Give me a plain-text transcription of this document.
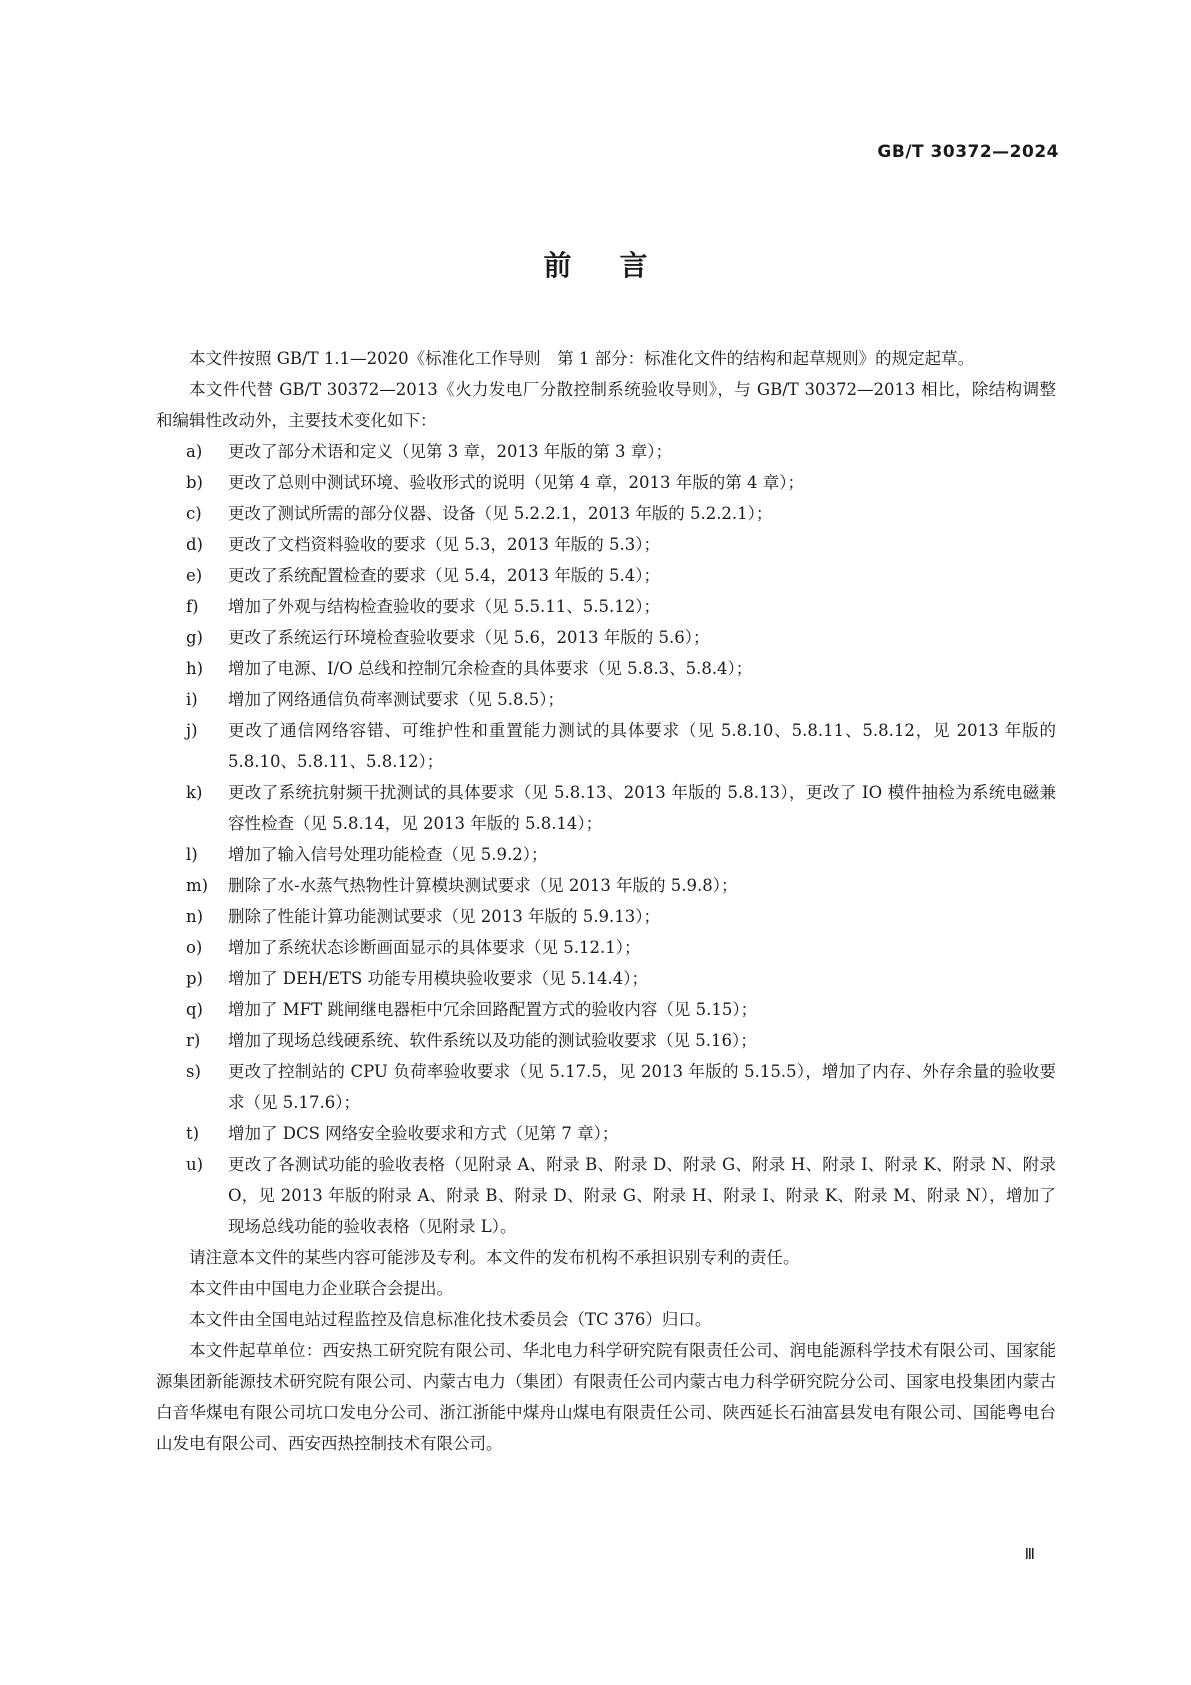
GB/T 30372—2024
前言

本文件按照 GB/T 1.1—2020《标准化工作导则　第 1 部分：标准化文件的结构和起草规则》的规定起草。

本文件代替 GB/T 30372—2013《火力发电厂分散控制系统验收导则》，与 GB/T 30372—2013 相比，除结构调整和编辑性改动外，主要技术变化如下：

a)	更改了部分术语和定义（见第 3 章，2013 年版的第 3 章）；
b)	更改了总则中测试环境、验收形式的说明（见第 4 章，2013 年版的第 4 章）；
c)	更改了测试所需的部分仪器、设备（见 5.2.2.1，2013 年版的 5.2.2.1）；
d)	更改了文档资料验收的要求（见 5.3，2013 年版的 5.3）；
e)	更改了系统配置检查的要求（见 5.4，2013 年版的 5.4）；
f)	增加了外观与结构检查验收的要求（见 5.5.11、5.5.12）；
g)	更改了系统运行环境检查验收要求（见 5.6，2013 年版的 5.6）；
h)	增加了电源、I/O 总线和控制冗余检查的具体要求（见 5.8.3、5.8.4）；
i)	增加了网络通信负荷率测试要求（见 5.8.5）；
j)	更改了通信网络容错、可维护性和重置能力测试的具体要求（见 5.8.10、5.8.11、5.8.12，见 2013 年版的 5.8.10、5.8.11、5.8.12）；
k)	更改了系统抗射频干扰测试的具体要求（见 5.8.13、2013 年版的 5.8.13），更改了 IO 模件抽检为系统电磁兼容性检查（见 5.8.14，见 2013 年版的 5.8.14）；
l)	增加了输入信号处理功能检查（见 5.9.2）；
m)	删除了水-水蒸气热物性计算模块测试要求（见 2013 年版的 5.9.8）；
n)	删除了性能计算功能测试要求（见 2013 年版的 5.9.13）；
o)	增加了系统状态诊断画面显示的具体要求（见 5.12.1）；
p)	增加了 DEH/ETS 功能专用模块验收要求（见 5.14.4）；
q)	增加了 MFT 跳闸继电器柜中冗余回路配置方式的验收内容（见 5.15）；
r)	增加了现场总线硬系统、软件系统以及功能的测试验收要求（见 5.16）；
s)	更改了控制站的 CPU 负荷率验收要求（见 5.17.5，见 2013 年版的 5.15.5），增加了内存、外存余量的验收要求（见 5.17.6）；
t)	增加了 DCS 网络安全验收要求和方式（见第 7 章）；
u)	更改了各测试功能的验收表格（见附录 A、附录 B、附录 D、附录 G、附录 H、附录 I、附录 K、附录 N、附录 O，见 2013 年版的附录 A、附录 B、附录 D、附录 G、附录 H、附录 I、附录 K、附录 M、附录 N），增加了现场总线功能的验收表格（见附录 L）。

请注意本文件的某些内容可能涉及专利。本文件的发布机构不承担识别专利的责任。

本文件由中国电力企业联合会提出。

本文件由全国电站过程监控及信息标准化技术委员会（TC 376）归口。

本文件起草单位：西安热工研究院有限公司、华北电力科学研究院有限责任公司、润电能源科学技术有限公司、国家能源集团新能源技术研究院有限公司、内蒙古电力（集团）有限责任公司内蒙古电力科学研究院分公司、国家电投集团内蒙古白音华煤电有限公司坑口发电分公司、浙江浙能中煤舟山煤电有限责任公司、陕西延长石油富县发电有限公司、国能粤电台山发电有限公司、西安西热控制技术有限公司。

Ⅲ
